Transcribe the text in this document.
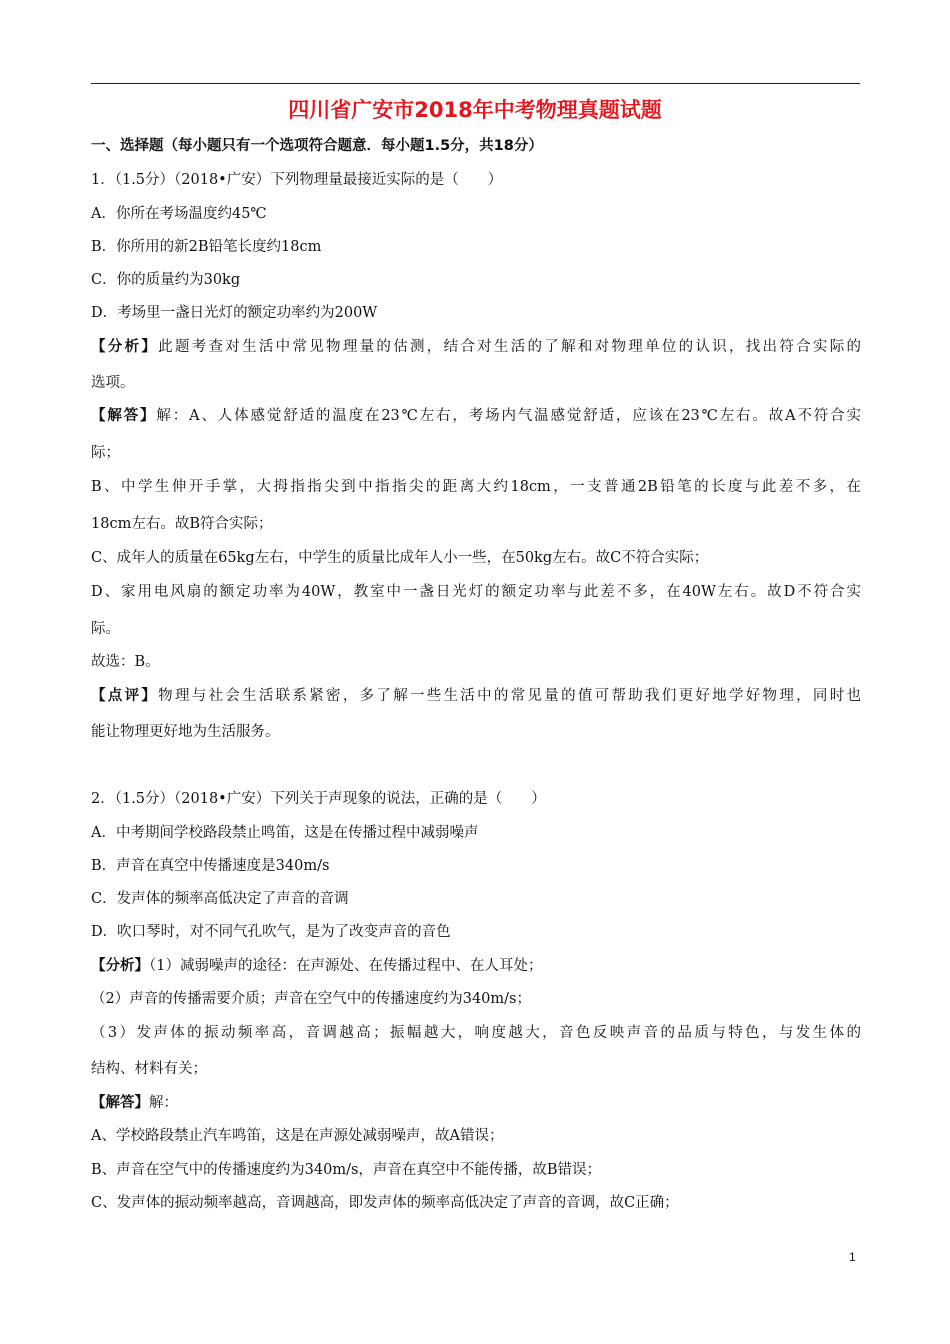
四川省广安市2018年中考物理真题试题
一、选择题（每小题只有一个选项符合题意．每小题1.5分，共18分）
1．（1.5分）（2018•广安）下列物理量最接近实际的是（　　）
A．你所在考场温度约45℃
B．你所用的新2B铅笔长度约18cm
C．你的质量约为30kg
D．考场里一盏日光灯的额定功率约为200W
【分析】此题考查对生活中常见物理量的估测，结合对生活的了解和对物理单位的认识，找出符合实际的
选项。
【解答】解：A、人体感觉舒适的温度在23℃左右，考场内气温感觉舒适，应该在23℃左右。故A不符合实
际；
B、中学生伸开手掌，大拇指指尖到中指指尖的距离大约18cm，一支普通2B铅笔的长度与此差不多，在
18cm左右。故B符合实际；
C、成年人的质量在65kg左右，中学生的质量比成年人小一些，在50kg左右。故C不符合实际；
D、家用电风扇的额定功率为40W，教室中一盏日光灯的额定功率与此差不多，在40W左右。故D不符合实
际。
故选：B。
【点评】物理与社会生活联系紧密，多了解一些生活中的常见量的值可帮助我们更好地学好物理，同时也
能让物理更好地为生活服务。
2．（1.5分）（2018•广安）下列关于声现象的说法，正确的是（　　）
A．中考期间学校路段禁止鸣笛，这是在传播过程中减弱噪声
B．声音在真空中传播速度是340m/s
C．发声体的频率高低决定了声音的音调
D．吹口琴时，对不同气孔吹气，是为了改变声音的音色
【分析】（1）减弱噪声的途径：在声源处、在传播过程中、在人耳处；
（2）声音的传播需要介质；声音在空气中的传播速度约为340m/s；
（3）发声体的振动频率高，音调越高；振幅越大，响度越大，音色反映声音的品质与特色，与发生体的
结构、材料有关；
【解答】解：
A、学校路段禁止汽车鸣笛，这是在声源处减弱噪声，故A错误；
B、声音在空气中的传播速度约为340m/s，声音在真空中不能传播，故B错误；
C、发声体的振动频率越高，音调越高，即发声体的频率高低决定了声音的音调，故C正确；
1
